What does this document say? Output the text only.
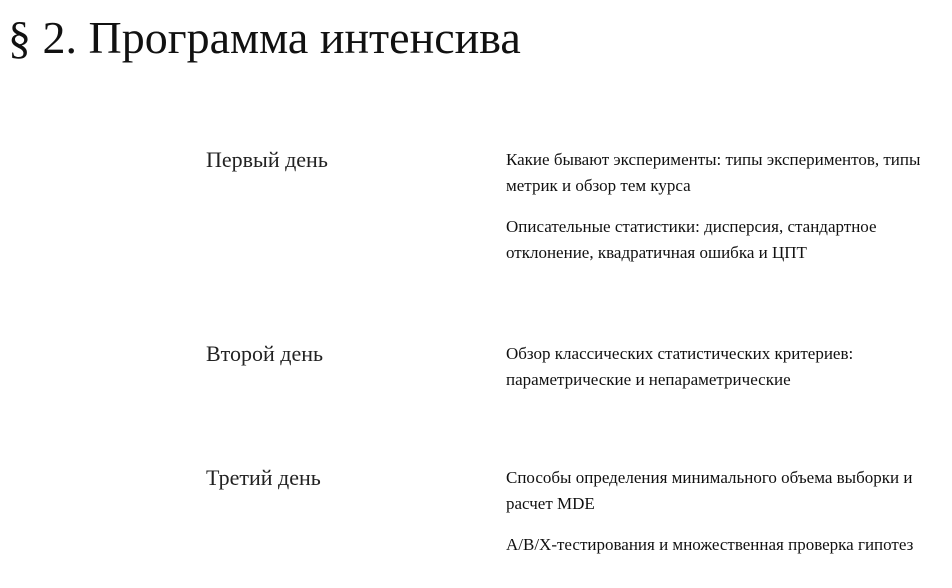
§ 2. Программа интенсива
Первый день	Какие бывают эксперименты: типы экспериментов, типы метрик и обзор тем курса

Описательные статистики: дисперсия, стандартное отклонение, квадратичная ошибка и ЦПТ

Второй день	Обзор классических статистических критериев: параметрические и непараметрические

Третий день	Способы определения минимального объема выборки и расчет MDE

A/B/X-тестирования и множественная проверка гипотез
